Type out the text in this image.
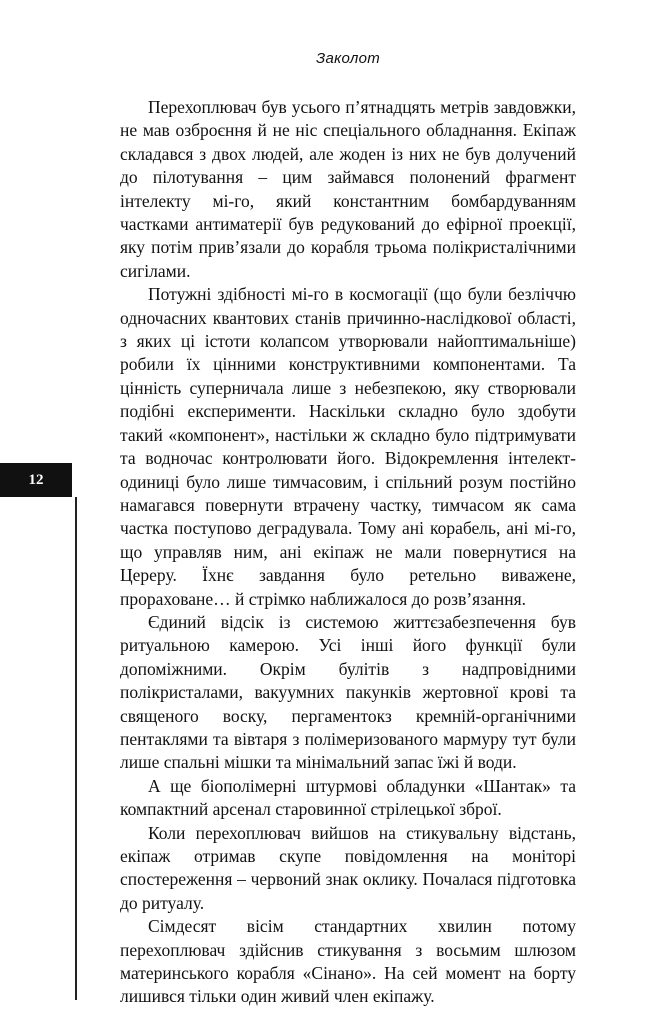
Заколот

Перехоплювач був усього п’ятнадцять метрів завдовжки, не мав озброєння й не ніс спеціального обладнання. Екіпаж складався з двох людей, але жоден із них не був долучений до пілотування – цим займався полонений фрагмент інтелекту мі-го, який константним бомбардуванням частками антиматерії був редукований до ефірної проекції, яку потім прив’язали до корабля трьома полікристалічними сигілами.

Потужні здібності мі-го в космогації (що були безліччю одночасних квантових станів причинно-наслідкової області, з яких ці істоти колапсом утворювали найоптимальніше) робили їх цінними конструктивними компонентами. Та цінність суперничала лише з небезпекою, яку створювали подібні експерименти. Наскільки складно було здобути такий «компонент», настільки ж складно було підтримувати та водночас контролювати його. Відокремлення інтелект-одиниці було лише тимчасовим, і спільний розум постійно намагався повернути втрачену частку, тимчасом як сама частка поступово деградувала. Тому ані корабель, ані мі-го, що управляв ним, ані екіпаж не мали повернутися на Цереру. Їхнє завдання було ретельно виважене, прораховане… й стрімко наближалося до розв’язання.

Єдиний відсік із системою життєзабезпечення був ритуальною камерою. Усі інші його функції були допоміжними. Окрім булітів з надпровідними полікристалами, вакуумних пакунків жертовної крові та священого воску, пергаментокз кремній-органічними пентаклями та вівтаря з полімеризованого мармуру тут були лише спальні мішки та мінімальний запас їжі й води.

А ще біополімерні штурмові обладунки «Шантак» та компактний арсенал старовинної стрілецької зброї.

Коли перехоплювач вийшов на стикувальну відстань, екіпаж отримав скупе повідомлення на моніторі спостереження – червоний знак оклику. Почалася підготовка до ритуалу.

Сімдесят вісім стандартних хвилин потому перехоплювач здійснив стикування з восьмим шлюзом материнського корабля «Сінано». На сей момент на борту лишився тільки один живий член екіпажу.

12
